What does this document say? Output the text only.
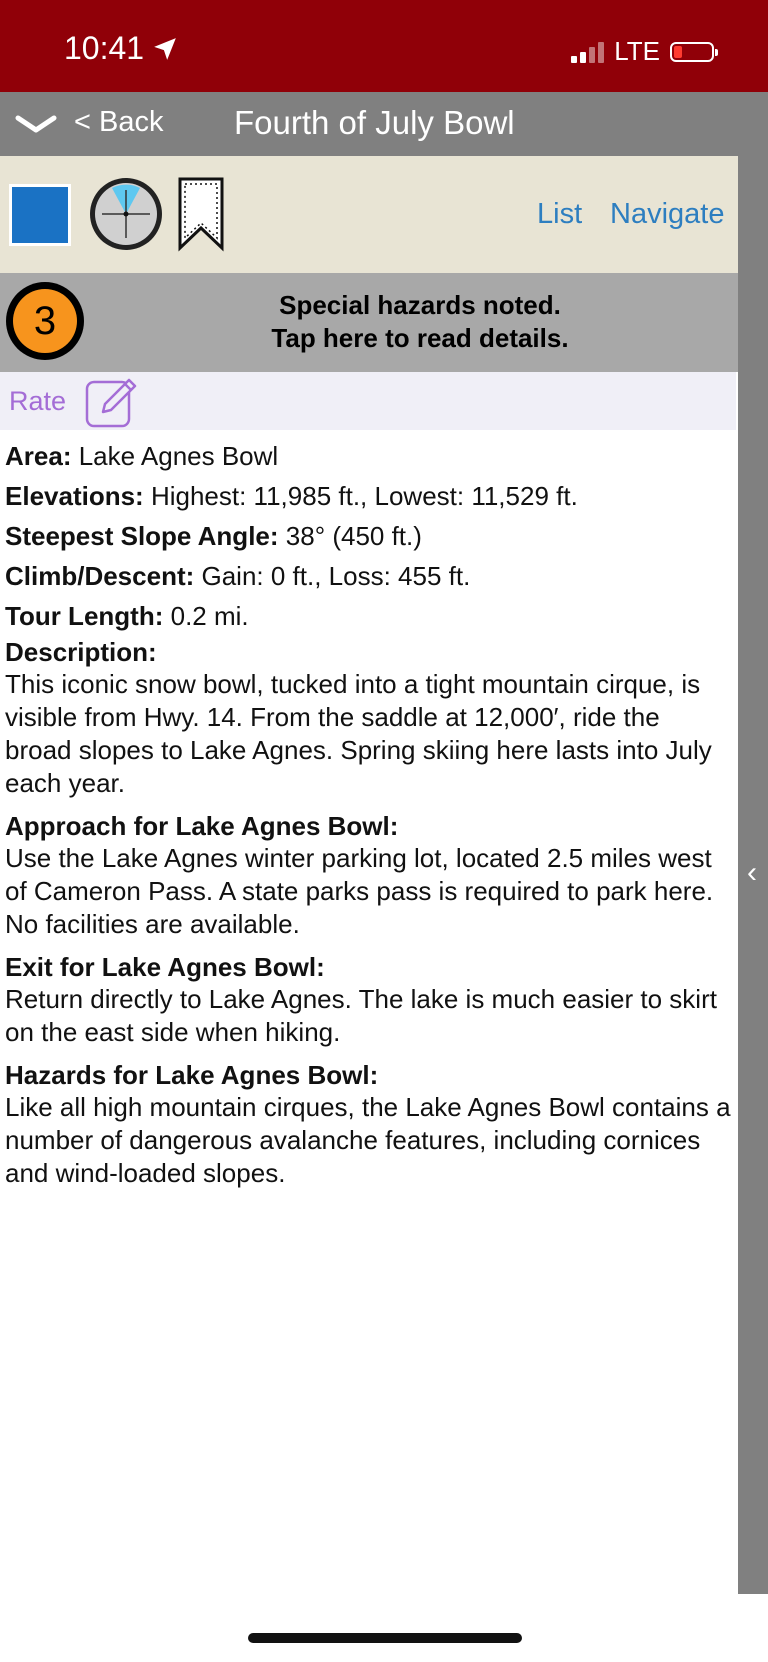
10:41	LTE
< Back Fourth of July Bowl
List Navigate
3	Special hazards noted.
Tap here to read details.
Rate
‹
Area: Lake Agnes Bowl
Elevations: Highest: 11,985 ft., Lowest: 11,529 ft.
Steepest Slope Angle: 38° (450 ft.)
Climb/Descent: Gain: 0 ft., Loss: 455 ft.
Tour Length: 0.2 mi.
Description:
This iconic snow bowl, tucked into a tight mountain cirque, is visible from Hwy. 14. From the saddle at 12,000′, ride the broad slopes to Lake Agnes. Spring skiing here lasts into July each year.
Approach for Lake Agnes Bowl:
Use the Lake Agnes winter parking lot, located 2.5 miles west of Cameron Pass. A state parks pass is required to park here. No facilities are available.
Exit for Lake Agnes Bowl:
Return directly to Lake Agnes. The lake is much easier to skirt on the east side when hiking.
Hazards for Lake Agnes Bowl:
Like all high mountain cirques, the Lake Agnes Bowl contains a number of dangerous avalanche features, including cornices and wind-loaded slopes.
